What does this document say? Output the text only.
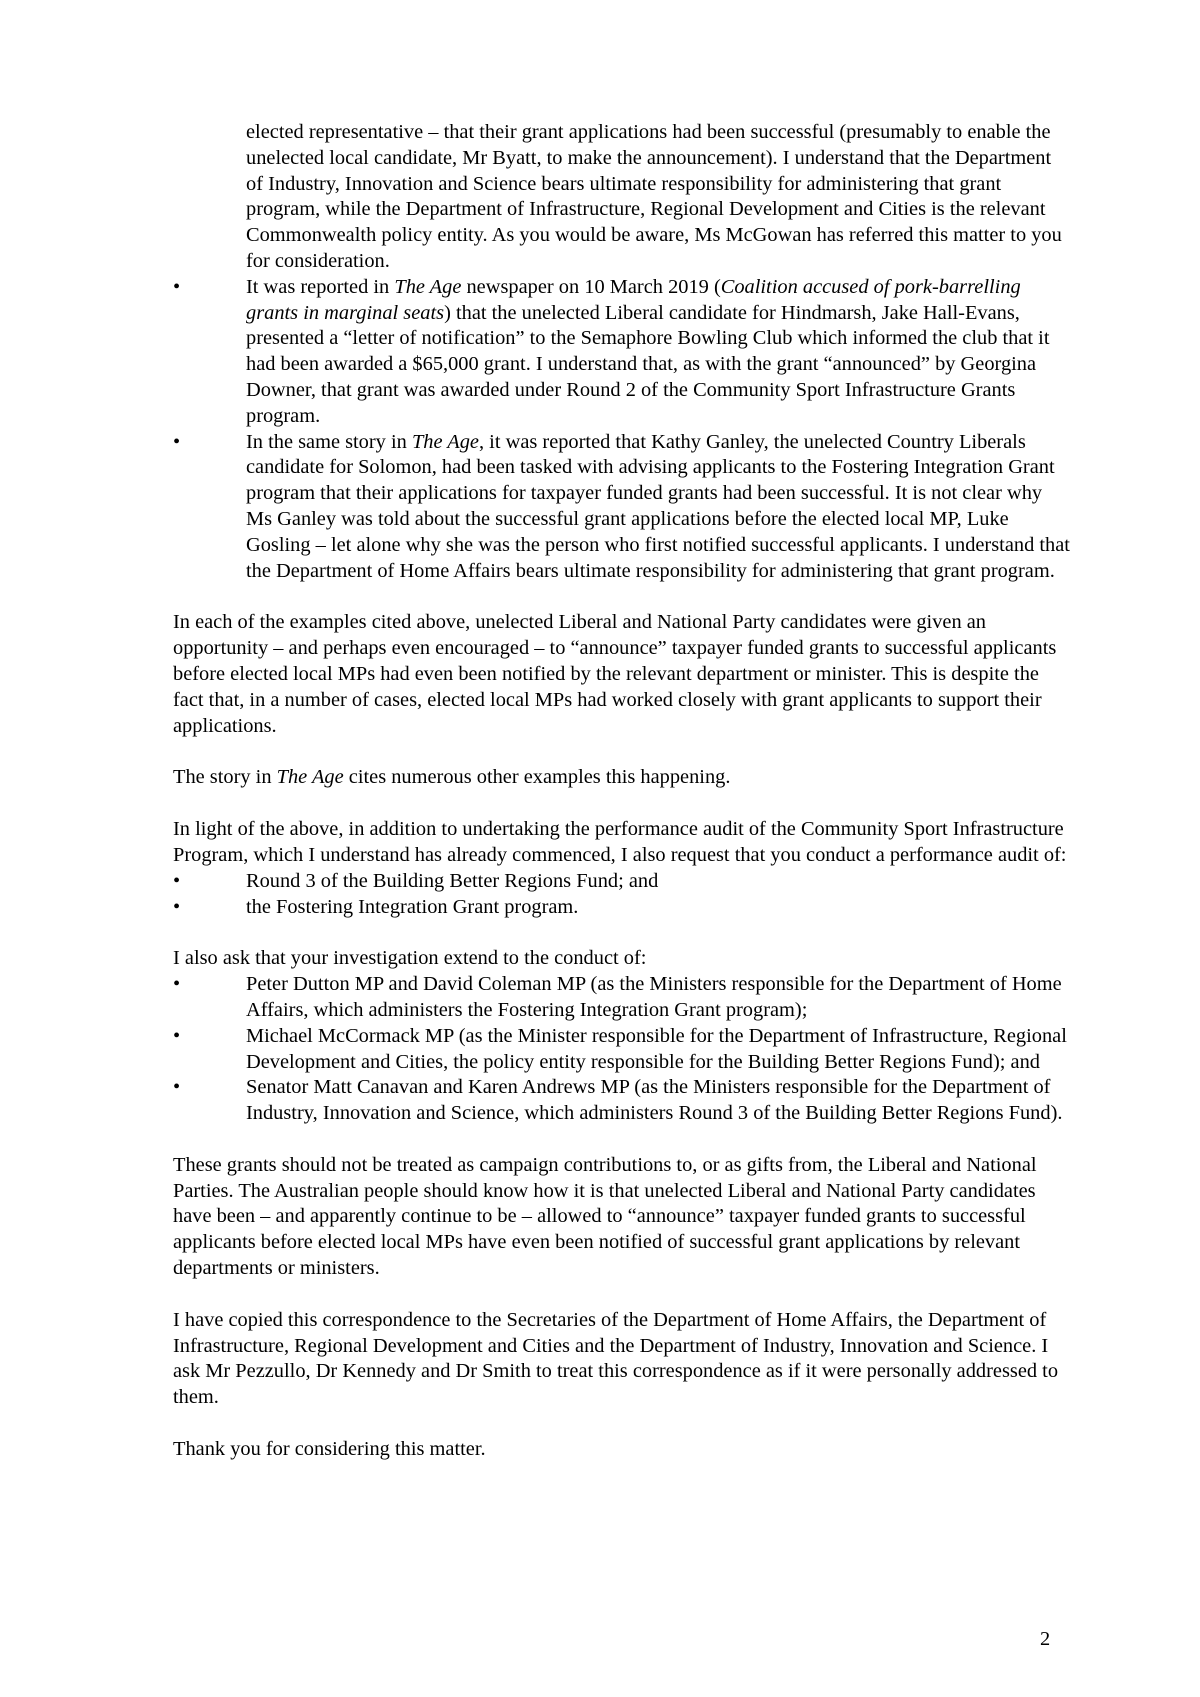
elected representative – that their grant applications had been successful (presumably to enable the unelected local candidate, Mr Byatt, to make the announcement). I understand that the Department of Industry, Innovation and Science bears ultimate responsibility for administering that grant program, while the Department of Infrastructure, Regional Development and Cities is the relevant Commonwealth policy entity. As you would be aware, Ms McGowan has referred this matter to you for consideration.

•	It was reported in The Age newspaper on 10 March 2019 (Coalition accused of pork-barrelling grants in marginal seats) that the unelected Liberal candidate for Hindmarsh, Jake Hall-Evans, presented a “letter of notification” to the Semaphore Bowling Club which informed the club that it had been awarded a $65,000 grant. I understand that, as with the grant “announced” by Georgina Downer, that grant was awarded under Round 2 of the Community Sport Infrastructure Grants program.
•	In the same story in The Age, it was reported that Kathy Ganley, the unelected Country Liberals candidate for Solomon, had been tasked with advising applicants to the Fostering Integration Grant program that their applications for taxpayer funded grants had been successful. It is not clear why Ms Ganley was told about the successful grant applications before the elected local MP, Luke Gosling – let alone why she was the person who first notified successful applicants. I understand that the Department of Home Affairs bears ultimate responsibility for administering that grant program.

In each of the examples cited above, unelected Liberal and National Party candidates were given an opportunity – and perhaps even encouraged – to “announce” taxpayer funded grants to successful applicants before elected local MPs had even been notified by the relevant department or minister. This is despite the fact that, in a number of cases, elected local MPs had worked closely with grant applicants to support their applications.

The story in The Age cites numerous other examples this happening.

In light of the above, in addition to undertaking the performance audit of the Community Sport Infrastructure Program, which I understand has already commenced, I also request that you conduct a performance audit of:

•	Round 3 of the Building Better Regions Fund; and
•	the Fostering Integration Grant program.

I also ask that your investigation extend to the conduct of:

•	Peter Dutton MP and David Coleman MP (as the Ministers responsible for the Department of Home Affairs, which administers the Fostering Integration Grant program);
•	Michael McCormack MP (as the Minister responsible for the Department of Infrastructure, Regional Development and Cities, the policy entity responsible for the Building Better Regions Fund); and
•	Senator Matt Canavan and Karen Andrews MP (as the Ministers responsible for the Department of Industry, Innovation and Science, which administers Round 3 of the Building Better Regions Fund).

These grants should not be treated as campaign contributions to, or as gifts from, the Liberal and National Parties. The Australian people should know how it is that unelected Liberal and National Party candidates have been – and apparently continue to be – allowed to “announce” taxpayer funded grants to successful applicants before elected local MPs have even been notified of successful grant applications by relevant departments or ministers.

I have copied this correspondence to the Secretaries of the Department of Home Affairs, the Department of Infrastructure, Regional Development and Cities and the Department of Industry, Innovation and Science. I ask Mr Pezzullo, Dr Kennedy and Dr Smith to treat this correspondence as if it were personally addressed to them.

Thank you for considering this matter.

2
